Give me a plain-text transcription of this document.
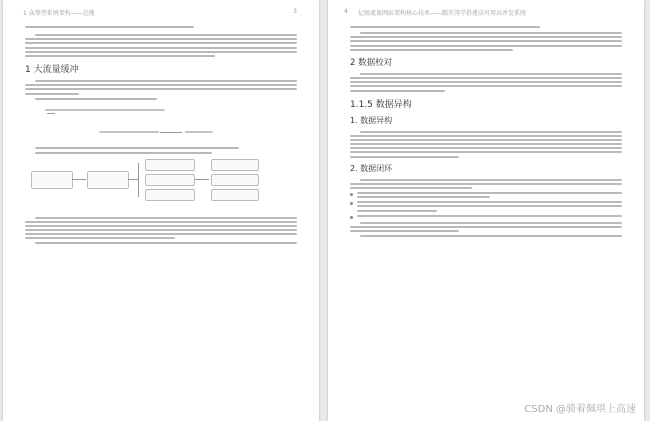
1 众筹型系统架构——总揽	3
1 大流量缓冲
4 亿级流量网站架构核心技术——跟开涛学搭建高可用高并发系统
2 数据校对
1.1.5 数据异构
1. 数据异构
2. 数据闭环
CSDN @骑着佩琪上高速
